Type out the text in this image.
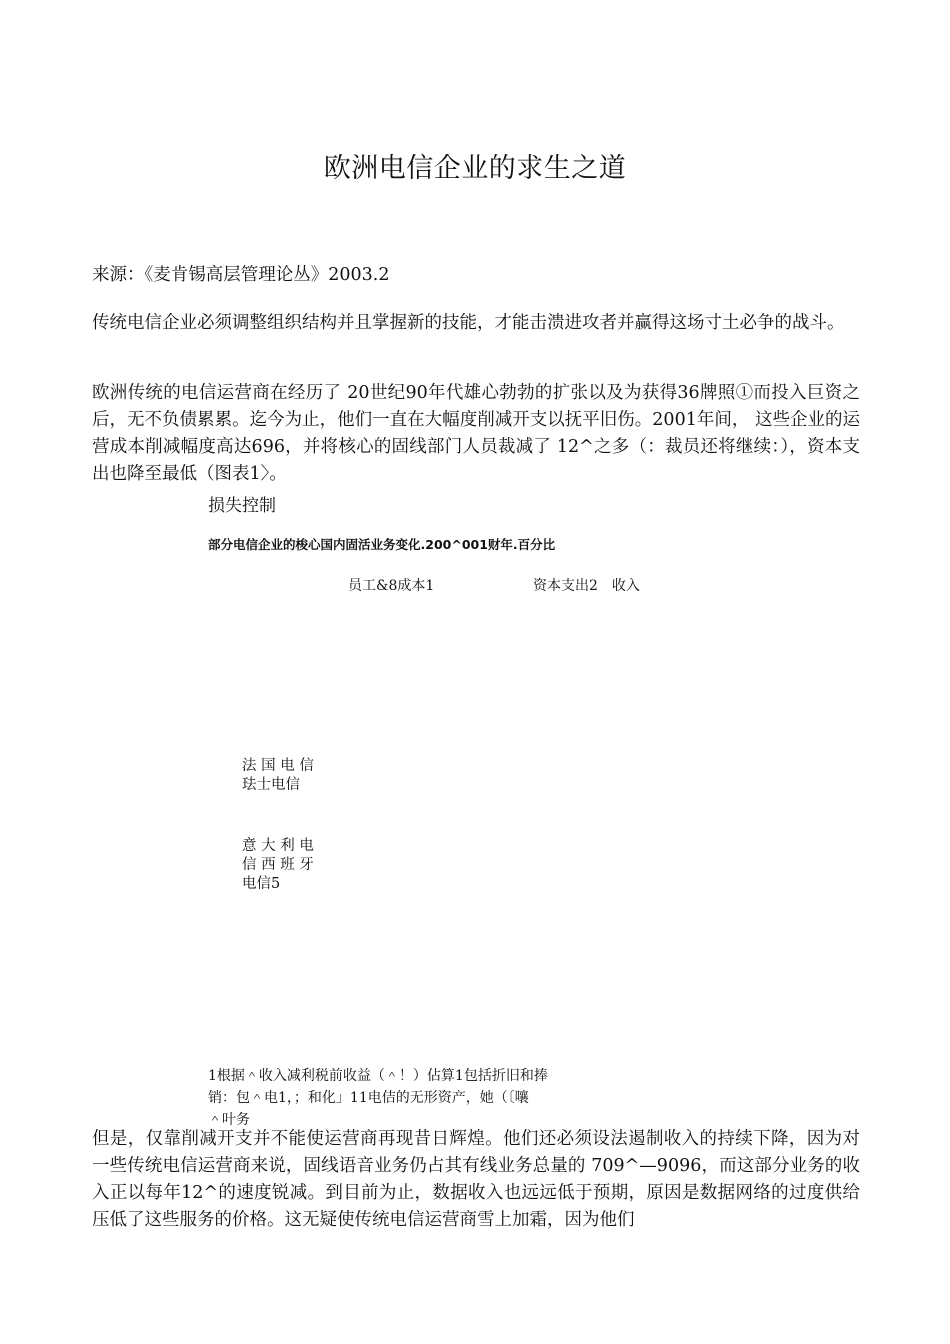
欧洲电信企业的求生之道
来源：《麦肯锡高层管理论丛》2003.2
传统电信企业必须调整组织结构并且掌握新的技能，才能击溃进攻者并赢得这场寸土必争的战斗。
欧洲传统的电信运营商在经历了 20世纪90年代雄心勃勃的扩张以及为获得36牌照①而投入巨资之后，无不负债累累。迄今为止，他们一直在大幅度削减开支以抚平旧伤。2001年间， 这些企业的运营成本削减幅度高达696，并将核心的固线部门人员裁减了 12^之多（：裁员还将继续：），资本支出也降至最低（图表1〉。
损失控制
部分电信企业的梭心国内固活业务变化.200^001财年.百分比
员工&8成本1	资本支出2　收入
法 国 电 信
珐士电信
意 大 利 电
信 西 班 牙
电信5
1根据＾收入减利税前收益（＾！）佔算1包括折旧和捧
销：包＾电1，；和化」11电佶的无形资产，她（〔嚷
＾叶务
但是，仅靠削减开支并不能使运营商再现昔日辉煌。他们还必须设法遏制收入的持续下降，因为对一些传统电信运营商来说，固线语音业务仍占其有线业务总量的 709^—9096，而这部分业务的收入正以每年12^的速度锐减。到目前为止，数据收入也远远低于预期，原因是数据网络的过度供给压低了这些服务的价格。这无疑使传统电信运营商雪上加霜，因为他们
